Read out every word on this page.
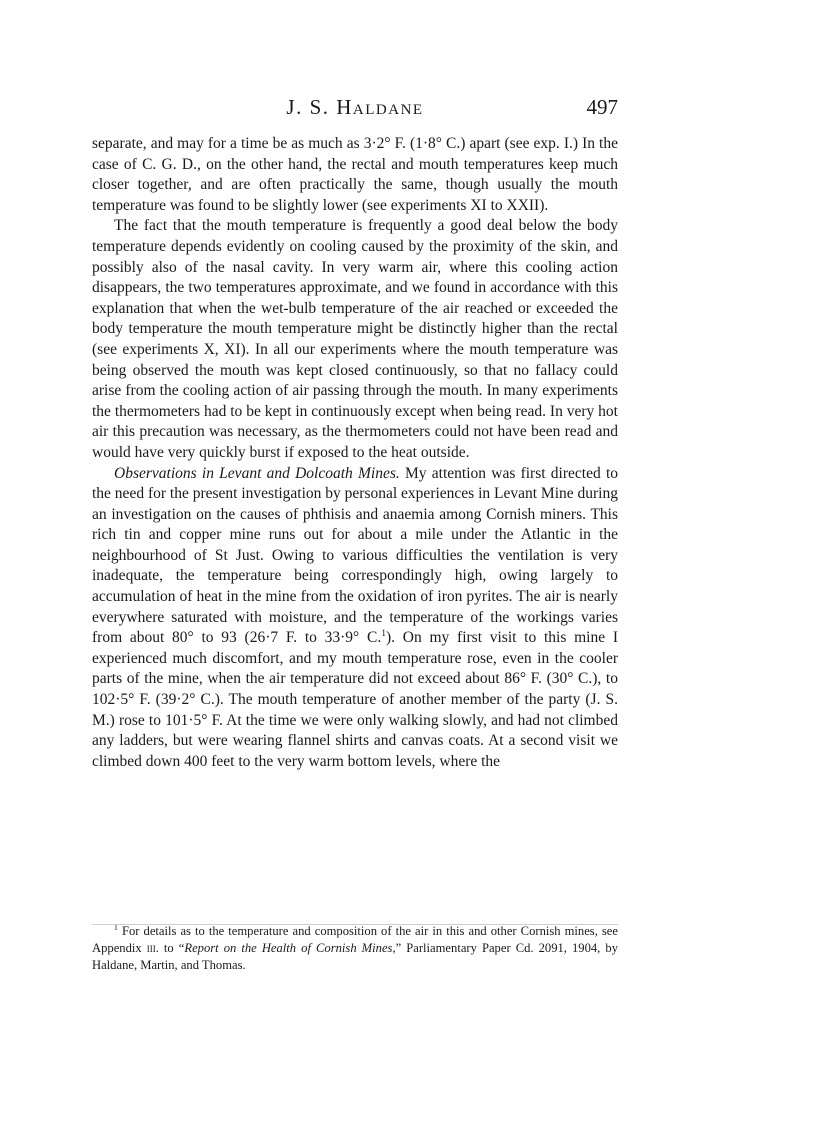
J. S. Haldane	497

separate, and may for a time be as much as 3·2° F. (1·8° C.) apart (see exp. I.) In the case of C. G. D., on the other hand, the rectal and mouth temperatures keep much closer together, and are often practically the same, though usually the mouth temperature was found to be slightly lower (see experiments XI to XXII).

The fact that the mouth temperature is frequently a good deal below the body temperature depends evidently on cooling caused by the proximity of the skin, and possibly also of the nasal cavity. In very warm air, where this cooling action disappears, the two temperatures approximate, and we found in accordance with this explanation that when the wet-bulb temperature of the air reached or exceeded the body temperature the mouth temperature might be distinctly higher than the rectal (see experiments X, XI). In all our experiments where the mouth temperature was being observed the mouth was kept closed continuously, so that no fallacy could arise from the cooling action of air passing through the mouth. In many experiments the thermometers had to be kept in continuously except when being read. In very hot air this precaution was necessary, as the thermometers could not have been read and would have very quickly burst if exposed to the heat outside.

Observations in Levant and Dolcoath Mines. My attention was first directed to the need for the present investigation by personal experiences in Levant Mine during an investigation on the causes of phthisis and anaemia among Cornish miners. This rich tin and copper mine runs out for about a mile under the Atlantic in the neighbourhood of St Just. Owing to various difficulties the ventilation is very inadequate, the temperature being correspondingly high, owing largely to accumulation of heat in the mine from the oxidation of iron pyrites. The air is nearly everywhere saturated with moisture, and the temperature of the workings varies from about 80° to 93 (26·7 F. to 33·9° C.$^1$). On my first visit to this mine I experienced much discomfort, and my mouth temperature rose, even in the cooler parts of the mine, when the air temperature did not exceed about 86° F. (30° C.), to 102·5° F. (39·2° C.). The mouth temperature of another member of the party (J. S. M.) rose to 101·5° F. At the time we were only walking slowly, and had not climbed any ladders, but were wearing flannel shirts and canvas coats. At a second visit we climbed down 400 feet to the very warm bottom levels, where the

$^1$ For details as to the temperature and composition of the air in this and other Cornish mines, see Appendix iii. to “Report on the Health of Cornish Mines,” Parliamentary Paper Cd. 2091, 1904, by Haldane, Martin, and Thomas.
